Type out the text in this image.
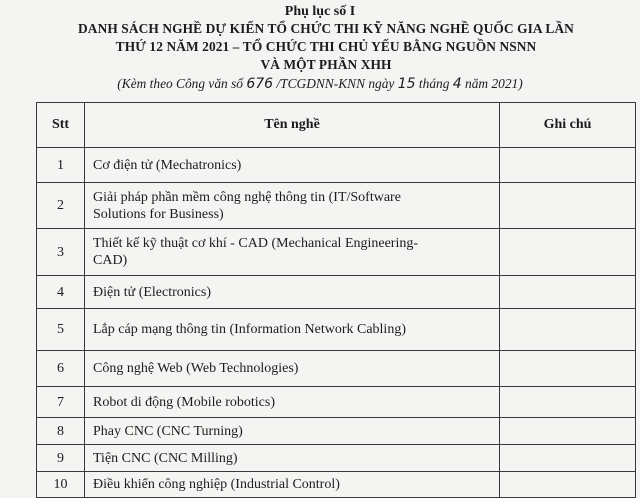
Phụ lục số I
DANH SÁCH NGHỀ DỰ KIẾN TỔ CHỨC THI KỸ NĂNG NGHỀ QUỐC GIA LẦN
THỨ 12 NĂM 2021 – TỔ CHỨC THI CHỦ YẾU BẰNG NGUỒN NSNN
VÀ MỘT PHẦN XHH
(Kèm theo Công văn số 676 /TCGDNN-KNN ngày 15 tháng 4 năm 2021)
Stt	Tên nghề	Ghi chú
1	Cơ điện tử (Mechatronics)	

2	Giải pháp phần mềm công nghệ thông tin (IT/Software
Solutions for Business)	

3	Thiết kế kỹ thuật cơ khí - CAD (Mechanical Engineering-
CAD)	

4	Điện tử (Electronics)	

5	Lắp cáp mạng thông tin (Information Network Cabling)	

6	Công nghệ Web (Web Technologies)	

7	Robot di động (Mobile robotics)	

8	Phay CNC (CNC Turning)	

9	Tiện CNC (CNC Milling)	

10	Điều khiển công nghiệp (Industrial Control)	
